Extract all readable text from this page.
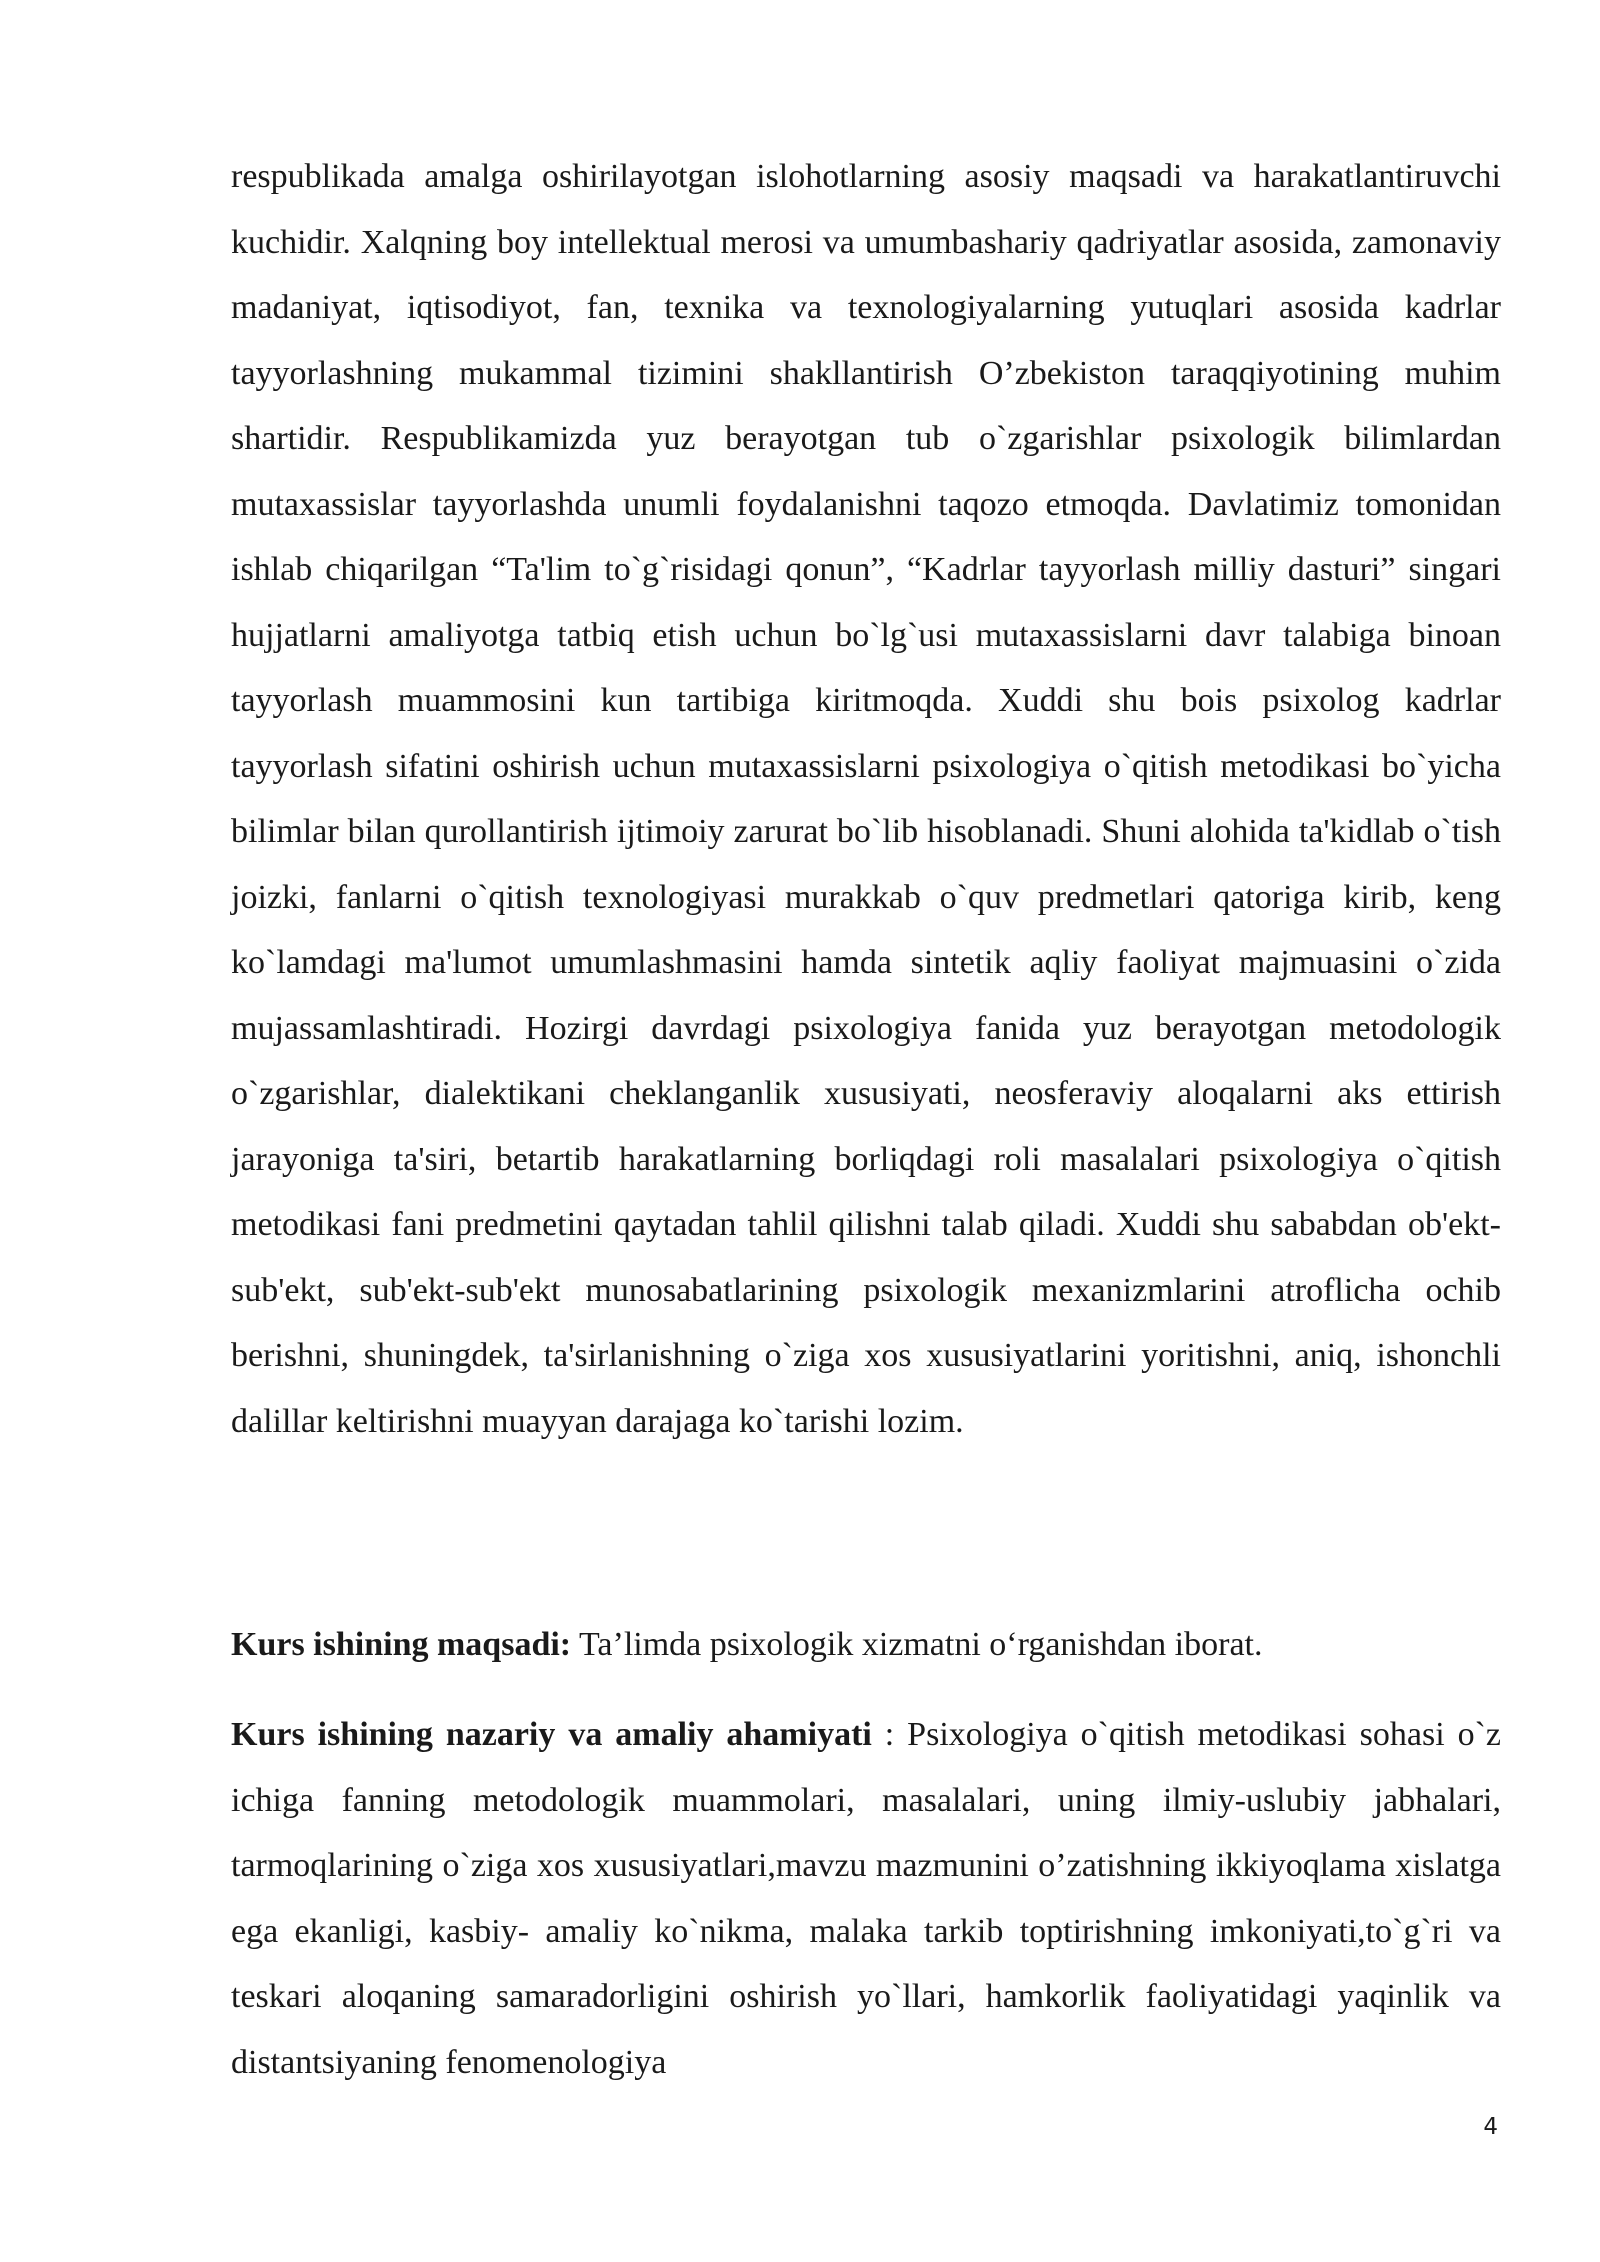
respublikada amalga oshirilayotgan islohotlarning asosiy maqsadi va harakatlantiruvchi kuchidir. Xalqning boy intellektual merosi va umumbashariy qadriyatlar asosida, zamonaviy madaniyat, iqtisodiyot, fan, texnika va texnologiyalarning yutuqlari asosida kadrlar tayyorlashning mukammal tizimini shakllantirish O’zbekiston taraqqiyotining muhim shartidir. Respublikamizda yuz berayotgan tub o`zgarishlar psixologik bilimlardan mutaxassislar tayyorlashda unumli foydalanishni taqozo etmoqda. Davlatimiz tomonidan ishlab chiqarilgan “Ta'lim to`g`risidagi qonun”, “Kadrlar tayyorlash milliy dasturi” singari hujjatlarni amaliyotga tatbiq etish uchun bo`lg`usi mutaxassislarni davr talabiga binoan tayyorlash muammosini kun tartibiga kiritmoqda. Xuddi shu bois psixolog kadrlar tayyorlash sifatini oshirish uchun mutaxassislarni psixologiya o`qitish metodikasi bo`yicha bilimlar bilan qurollantirish ijtimoiy zarurat bo`lib hisoblanadi. Shuni alohida ta'kidlab o`tish joizki, fanlarni o`qitish texnologiyasi murakkab o`quv predmetlari qatoriga kirib, keng ko`lamdagi ma'lumot umumlashmasini hamda sintetik aqliy faoliyat majmuasini o`zida mujassamlashtiradi. Hozirgi davrdagi psixologiya fanida yuz berayotgan metodologik o`zgarishlar, dialektikani cheklanganlik xususiyati, neosferaviy aloqalarni aks ettirish jarayoniga ta'siri, betartib harakatlarning borliqdagi roli masalalari psixologiya o`qitish metodikasi fani predmetini qaytadan tahlil qilishni talab qiladi. Xuddi shu sababdan ob'ekt-sub'ekt, sub'ekt-sub'ekt munosabatlarining psixologik mexanizmlarini atroflicha ochib berishni, shuningdek, ta'sirlanishning o`ziga xos xususiyatlarini yoritishni, aniq, ishonchli dalillar keltirishni muayyan darajaga ko`tarishi lozim.

Kurs ishining maqsadi: Ta’limda psixologik xizmatni o‘rganishdan iborat.

Kurs ishining nazariy va amaliy ahamiyati : Psixologiya o`qitish metodikasi sohasi o`z ichiga fanning metodologik muammolari, masalalari, uning ilmiy-uslubiy jabhalari, tarmoqlarining o`ziga xos xususiyatlari,mavzu mazmunini o’zatishning ikkiyoqlama xislatga ega ekanligi, kasbiy- amaliy ko`nikma, malaka tarkib toptirishning imkoniyati,to`g`ri va teskari aloqaning samaradorligini oshirish yo`llari, hamkorlik faoliyatidagi yaqinlik va distantsiyaning fenomenologiya

4
